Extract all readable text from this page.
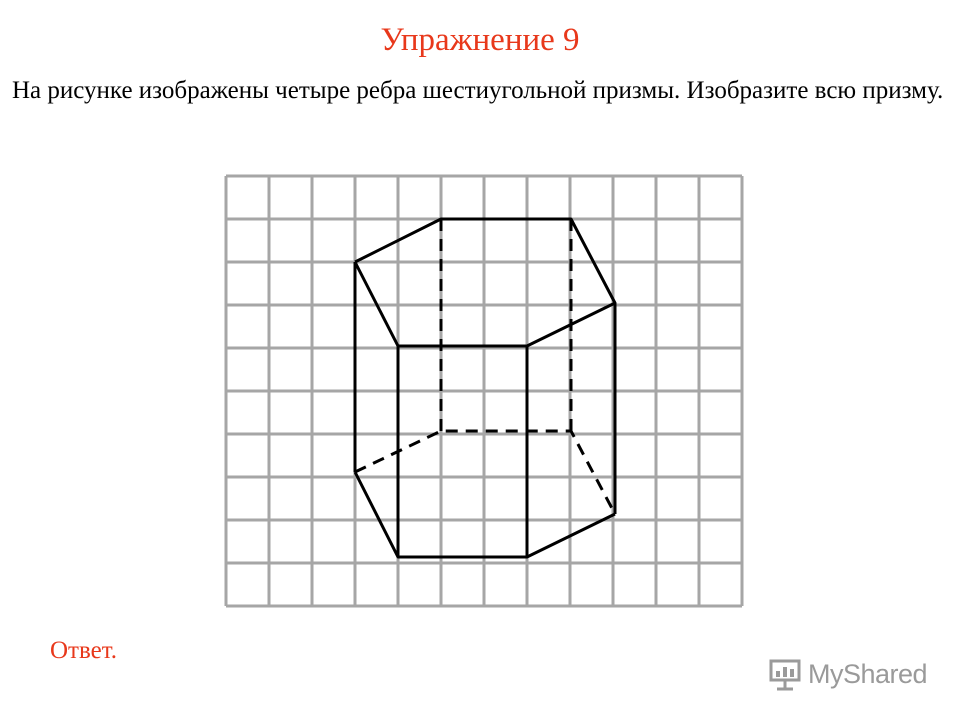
Упражнение 9
На рисунке изображены четыре ребра шестиугольной призмы. Изобразите всю призму.
Ответ.
MyShared
